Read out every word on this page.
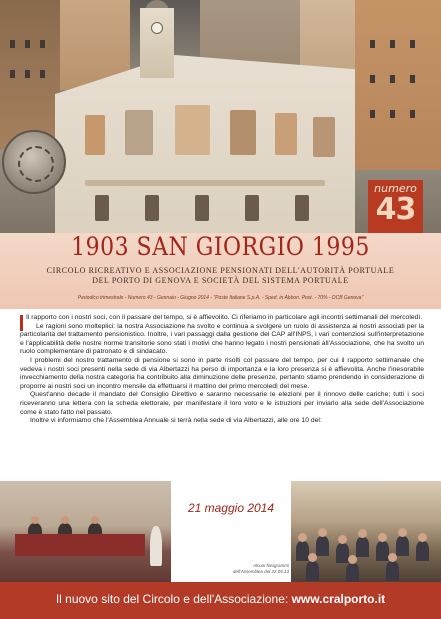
numero
43
1903 SAN GIORGIO 1995
CIRCOLO RICREATIVO E ASSOCIAZIONE PENSIONATI DELL'AUTORITÀ PORTUALE
DEL PORTO DI GENOVA E SOCIETÀ DEL SISTEMA PORTUALE
Periodico trimestrale - Numero 43 - Gennaio - Giugno 2014 - "Poste Italiane S.p.A. - Sped. in Abbon. Post. - 70% - DCB Genova"

Il rapporto con i nostri soci, con il passare del tempo, si è affievolito. Ci riferiamo in particolare agli incontri settimanali del mercoledì.

Le ragioni sono molteplici: la nostra Associazione ha svolto e continua a svolgere un ruolo di assistenza ai nostri associati per la particolarità del trattamento pensionistico. Inoltre, i vari passaggi dalla gestione del CAP all'INPS, i vari contenziosi sull'interpretazione e l'applicabilità delle nostre norme transitorie sono stati i motivi che hanno legato i nostri pensionati all'Associazione, che ha svolto un ruolo complementare di patronato e di sindacato.

I problemi del nostro trattamento di pensione si sono in parte risolti col passare del tempo, per cui il rapporto settimanale che vedeva i nostri soci presenti nella sede di via Albertazzi ha perso di importanza e la loro presenza si è affievolita. Anche l'inesorabile invecchiamento della nostra categoria ha contribuito alla diminuzione delle presenze, pertanto stiamo prendendo in considerazione di proporre ai nostri soci un incontro mensile da effettuarsi il mattino del primo mercoledì del mese.

Quest'anno decade il mandato del Consiglio Direttivo e saranno necessarie le elezioni per il rinnovo delle cariche; tutti i soci riceveranno una lettera con la scheda elettorale, per manifestare il loro voto e le istruzioni per inviarlo alla sede dell'Associazione come è stato fatto nel passato.

Inoltre vi informiamo che l'Assemblea Annuale si terrà nella sede di via Albertazzi, alle ore 10 del:

21 maggio 2014
Alcuni fotogrammi
dell'Assemblea del 22.05.13
Il nuovo sito del Circolo e dell'Associazione: www.cralporto.it
